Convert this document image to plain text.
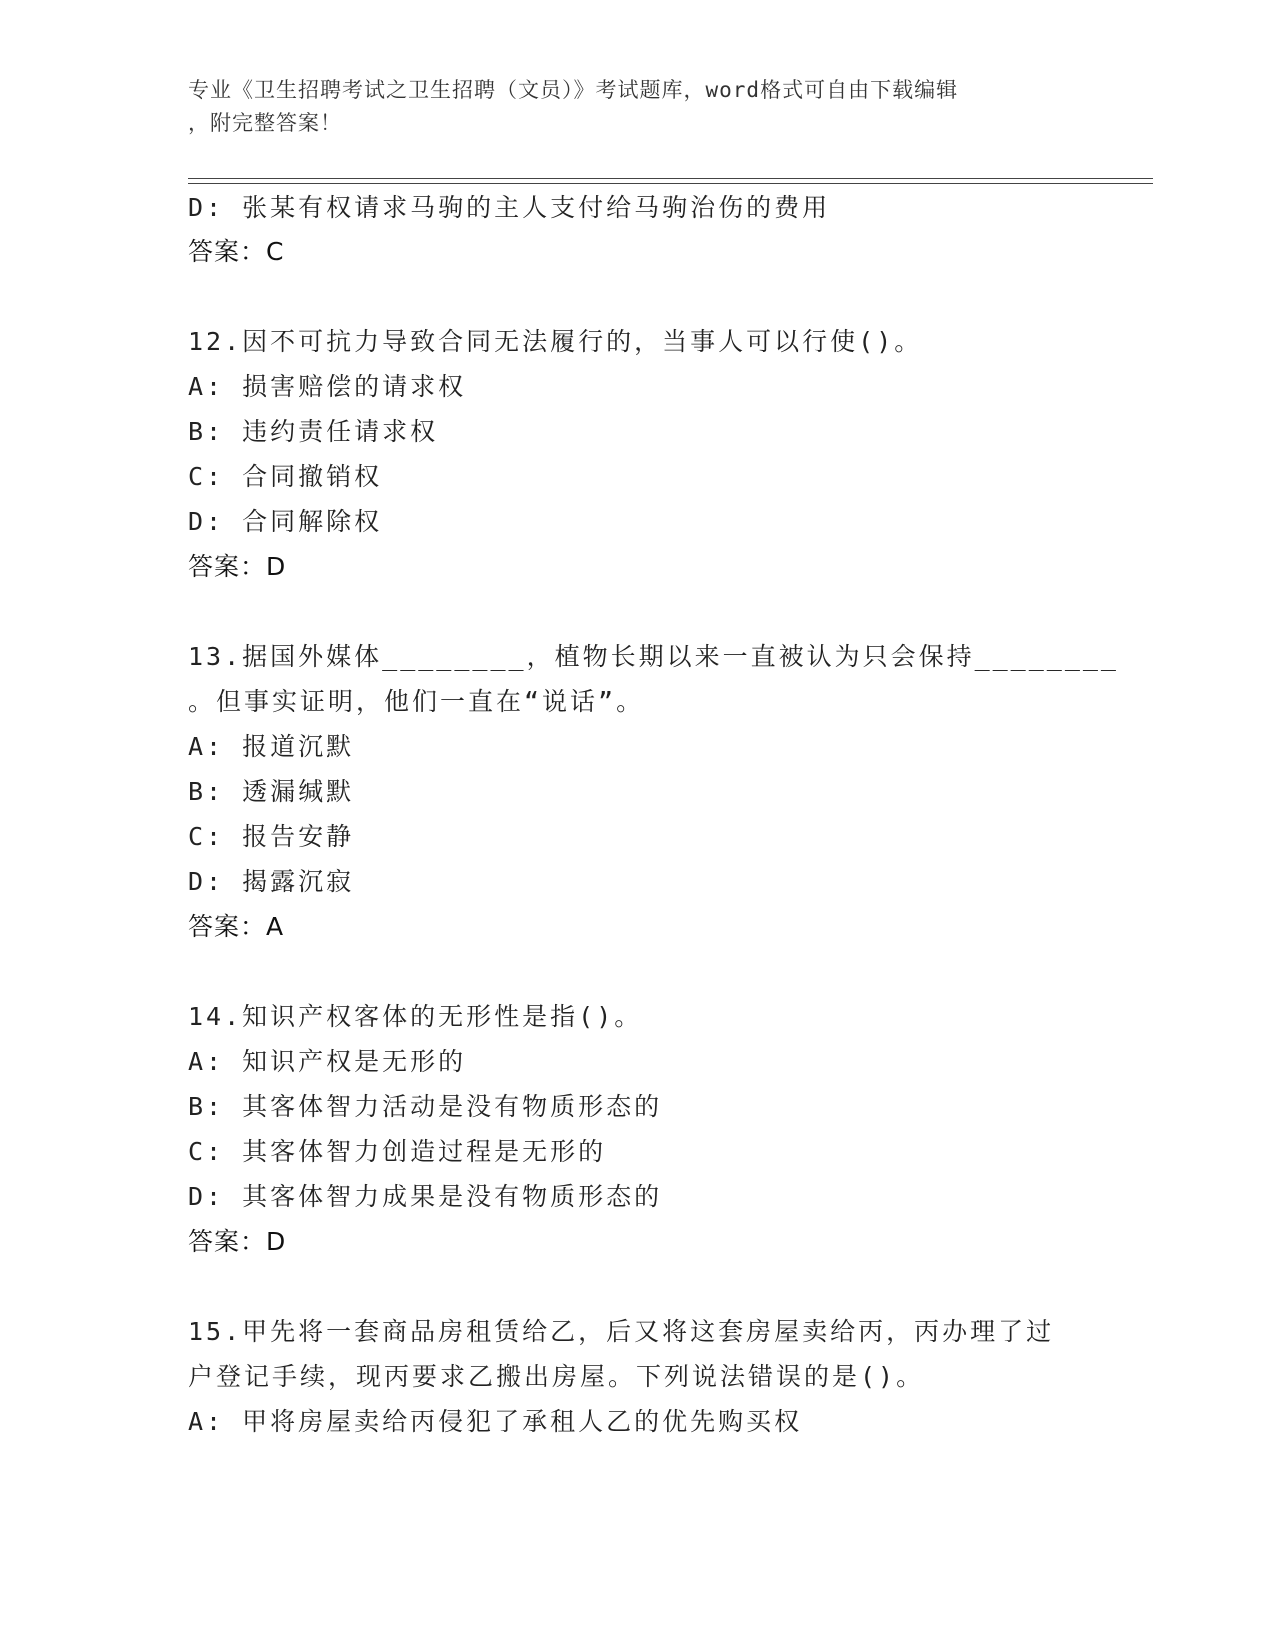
专业《卫生招聘考试之卫生招聘（文员）》考试题库，word格式可自由下载编辑
，附完整答案！
D: 张某有权请求马驹的主人支付给马驹治伤的费用
答案：C
12.因不可抗力导致合同无法履行的，当事人可以行使()。
A: 损害赔偿的请求权
B: 违约责任请求权
C: 合同撤销权
D: 合同解除权
答案：D
13.据国外媒体________，植物长期以来一直被认为只会保持________
。但事实证明，他们一直在“说话”。
A: 报道沉默
B: 透漏缄默
C: 报告安静
D: 揭露沉寂
答案：A
14.知识产权客体的无形性是指()。
A: 知识产权是无形的
B: 其客体智力活动是没有物质形态的
C: 其客体智力创造过程是无形的
D: 其客体智力成果是没有物质形态的
答案：D
15.甲先将一套商品房租赁给乙，后又将这套房屋卖给丙，丙办理了过
户登记手续，现丙要求乙搬出房屋。下列说法错误的是()。
A: 甲将房屋卖给丙侵犯了承租人乙的优先购买权
